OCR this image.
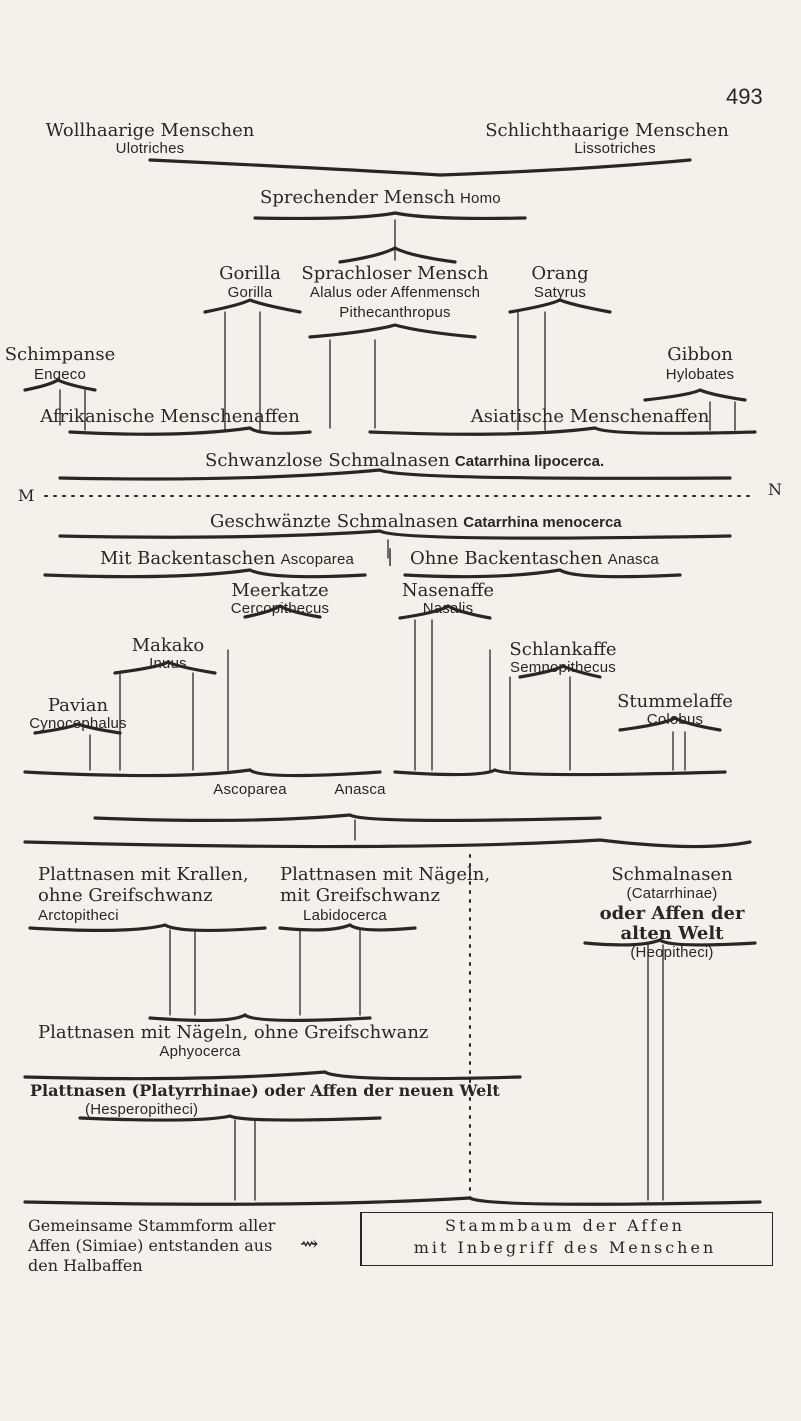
493
Wollhaarige Menschen
Ulotriches
Schlichthaarige Menschen
Lissotriches
Sprechender Mensch Homo
Gorilla
Gorilla
Sprachloser Mensch
Alalus oder Affenmensch
Pithecanthropus
Orang
Satyrus
Schimpanse
Engeco
Gibbon
Hylobates
Afrikanische Menschenaffen	Asiatische Menschenaffen
Schwanzlose Schmalnasen Catarrhina lipocerca.
M	N
Geschwänzte Schmalnasen Catarrhina menocerca
Mit Backentaschen Ascoparea | Ohne Backentaschen Anasca
Meerkatze
Cercopithecus
Makako
Inuus
Pavian
Cynocephalus
Nasenaffe
Nasalis
Schlankaffe
Semnopithecus
Stummelaffe
Colobus
Ascoparea	Anasca
Plattnasen mit Krallen,
ohne Greifschwanz
Arctopitheci
Plattnasen mit Nägeln,
mit Greifschwanz
Labidocerca
Plattnasen mit Nägeln, ohne Greifschwanz
Aphyocerca
Plattnasen (Platyrrhinae) oder Affen der neuen Welt
(Hesperopitheci)
Schmalnasen
(Catarrhinae)
oder Affen der
alten Welt
(Heopitheci)
Gemeinsame Stammform aller
Affen (Simiae) entstanden aus
den Halbaffen
⇝
Stammbaum der Affen
mit Inbegriff des Menschen
